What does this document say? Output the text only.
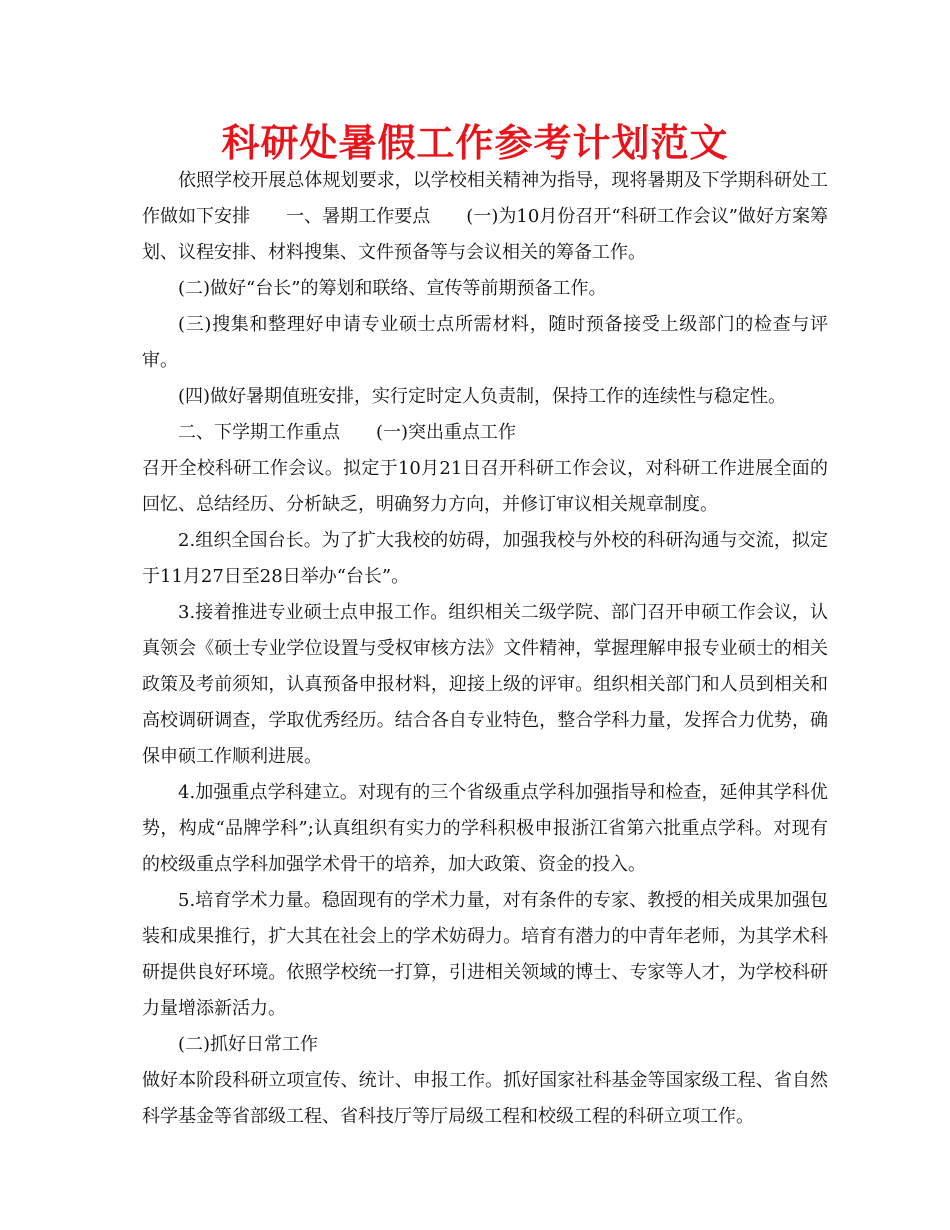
科研处暑假工作参考计划范文

依照学校开展总体规划要求，以学校相关精神为指导，现将暑期及下学期科研处工作做如下安排　　一、暑期工作要点　　(一)为10月份召开“科研工作会议”做好方案筹划、议程安排、材料搜集、文件预备等与会议相关的筹备工作。

(二)做好“台长”的筹划和联络、宣传等前期预备工作。

(三)搜集和整理好申请专业硕士点所需材料，随时预备接受上级部门的检查与评审。

(四)做好暑期值班安排，实行定时定人负责制，保持工作的连续性与稳定性。

二、下学期工作重点　　(一)突出重点工作

召开全校科研工作会议。拟定于10月21日召开科研工作会议，对科研工作进展全面的回忆、总结经历、分析缺乏，明确努力方向，并修订审议相关规章制度。

2.组织全国台长。为了扩大我校的妨碍，加强我校与外校的科研沟通与交流，拟定于11月27日至28日举办“台长”。

3.接着推进专业硕士点申报工作。组织相关二级学院、部门召开申硕工作会议，认真领会《硕士专业学位设置与受权审核方法》文件精神，掌握理解申报专业硕士的相关政策及考前须知，认真预备申报材料，迎接上级的评审。组织相关部门和人员到相关和高校调研调查，学取优秀经历。结合各自专业特色，整合学科力量，发挥合力优势，确保申硕工作顺利进展。

4.加强重点学科建立。对现有的三个省级重点学科加强指导和检查，延伸其学科优势，构成“品牌学科”;认真组织有实力的学科积极申报浙江省第六批重点学科。对现有的校级重点学科加强学术骨干的培养，加大政策、资金的投入。

5.培育学术力量。稳固现有的学术力量，对有条件的专家、教授的相关成果加强包装和成果推行，扩大其在社会上的学术妨碍力。培育有潜力的中青年老师，为其学术科研提供良好环境。依照学校统一打算，引进相关领域的博士、专家等人才，为学校科研力量增添新活力。

(二)抓好日常工作

做好本阶段科研立项宣传、统计、申报工作。抓好国家社科基金等国家级工程、省自然科学基金等省部级工程、省科技厅等厅局级工程和校级工程的科研立项工作。
